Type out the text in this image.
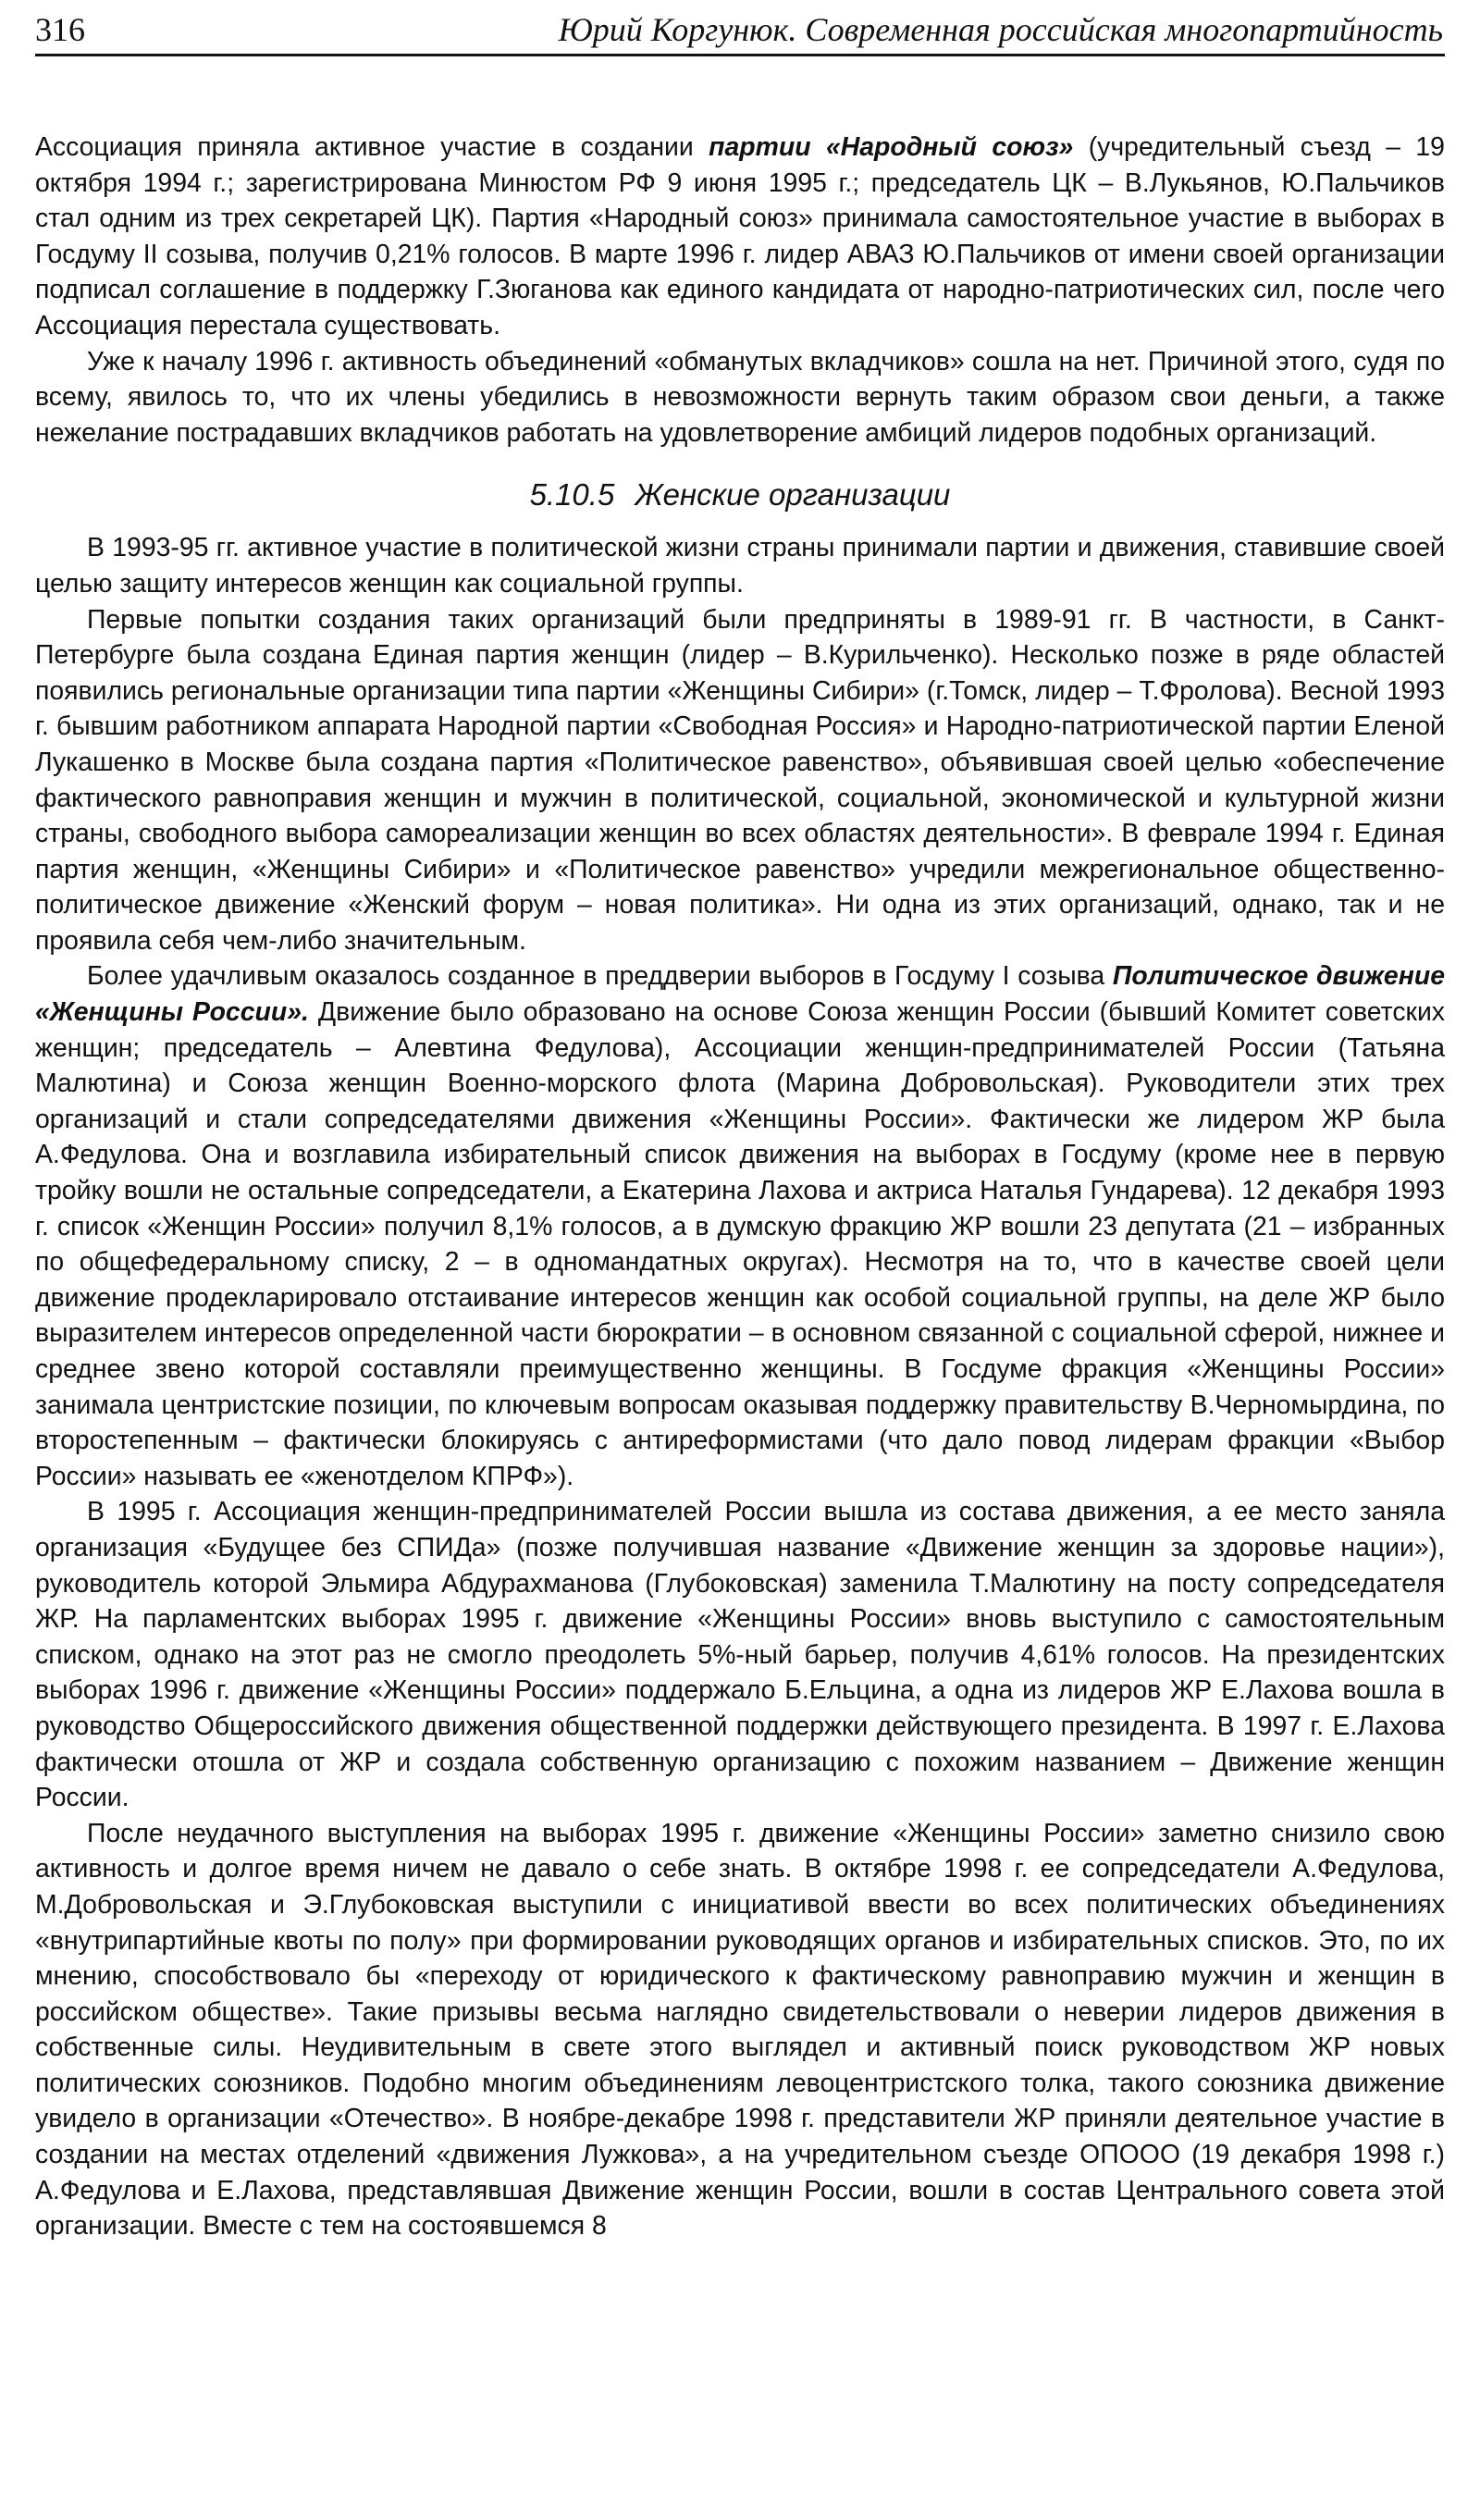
316	Юрий Коргунюк. Современная российская многопартийность

Ассоциация приняла активное участие в создании партии «Народный союз» (учредительный съезд – 19 октября 1994 г.; зарегистрирована Минюстом РФ 9 июня 1995 г.; председатель ЦК – В.Лукьянов, Ю.Пальчиков стал одним из трех секретарей ЦК). Партия «Народный союз» принимала самостоятельное участие в выборах в Госдуму II созыва, получив 0,21% голосов. В марте 1996 г. лидер АВАЗ Ю.Пальчиков от имени своей организации подписал соглашение в поддержку Г.Зюганова как единого кандидата от народно-патриотических сил, после чего Ассоциация перестала существовать.

Уже к началу 1996 г. активность объединений «обманутых вкладчиков» сошла на нет. Причиной этого, судя по всему, явилось то, что их члены убедились в невозможности вернуть таким образом свои деньги, а также нежелание пострадавших вкладчиков работать на удовлетворение амбиций лидеров подобных организаций.

5.10.5 Женские организации

В 1993-95 гг. активное участие в политической жизни страны принимали партии и движения, ставившие своей целью защиту интересов женщин как социальной группы.

Первые попытки создания таких организаций были предприняты в 1989-91 гг. В частности, в Санкт-Петербурге была создана Единая партия женщин (лидер – В.Курильченко). Несколько позже в ряде областей появились региональные организации типа партии «Женщины Сибири» (г.Томск, лидер – Т.Фролова). Весной 1993 г. бывшим работником аппарата Народной партии «Свободная Россия» и Народно-патриотической партии Еленой Лукашенко в Москве была создана партия «Политическое равенство», объявившая своей целью «обеспечение фактического равноправия женщин и мужчин в политической, социальной, экономической и культурной жизни страны, свободного выбора самореализации женщин во всех областях деятельности». В феврале 1994 г. Единая партия женщин, «Женщины Сибири» и «Политическое равенство» учредили межрегиональное общественно-политическое движение «Женский форум – новая политика». Ни одна из этих организаций, однако, так и не проявила себя чем-либо значительным.

Более удачливым оказалось созданное в преддверии выборов в Госдуму I созыва Политическое движение «Женщины России». Движение было образовано на основе Союза женщин России (бывший Комитет советских женщин; председатель – Алевтина Федулова), Ассоциации женщин-предпринимателей России (Татьяна Малютина) и Союза женщин Военно-морского флота (Марина Добровольская). Руководители этих трех организаций и стали сопредседателями движения «Женщины России». Фактически же лидером ЖР была А.Федулова. Она и возглавила избирательный список движения на выборах в Госдуму (кроме нее в первую тройку вошли не остальные сопредседатели, а Екатерина Лахова и актриса Наталья Гундарева). 12 декабря 1993 г. список «Женщин России» получил 8,1% голосов, а в думскую фракцию ЖР вошли 23 депутата (21 – избранных по общефедеральному списку, 2 – в одномандатных округах). Несмотря на то, что в качестве своей цели движение продекларировало отстаивание интересов женщин как особой социальной группы, на деле ЖР было выразителем интересов определенной части бюрократии – в основном связанной с социальной сферой, нижнее и среднее звено которой составляли преимущественно женщины. В Госдуме фракция «Женщины России» занимала центристские позиции, по ключевым вопросам оказывая поддержку правительству В.Черномырдина, по второстепенным – фактически блокируясь с антиреформистами (что дало повод лидерам фракции «Выбор России» называть ее «женотделом КПРФ»).

В 1995 г. Ассоциация женщин-предпринимателей России вышла из состава движения, а ее место заняла организация «Будущее без СПИДа» (позже получившая название «Движение женщин за здоровье нации»), руководитель которой Эльмира Абдурахманова (Глубоковская) заменила Т.Малютину на посту сопредседателя ЖР. На парламентских выборах 1995 г. движение «Женщины России» вновь выступило с самостоятельным списком, однако на этот раз не смогло преодолеть 5%-ный барьер, получив 4,61% голосов. На президентских выборах 1996 г. движение «Женщины России» поддержало Б.Ельцина, а одна из лидеров ЖР Е.Лахова вошла в руководство Общероссийского движения общественной поддержки действующего президента. В 1997 г. Е.Лахова фактически отошла от ЖР и создала собственную организацию с похожим названием – Движение женщин России.

После неудачного выступления на выборах 1995 г. движение «Женщины России» заметно снизило свою активность и долгое время ничем не давало о себе знать. В октябре 1998 г. ее сопредседатели А.Федулова, М.Добровольская и Э.Глубоковская выступили с инициативой ввести во всех политических объединениях «внутрипартийные квоты по полу» при формировании руководящих органов и избирательных списков. Это, по их мнению, способствовало бы «переходу от юридического к фактическому равноправию мужчин и женщин в российском обществе». Такие призывы весьма наглядно свидетельствовали о неверии лидеров движения в собственные силы. Неудивительным в свете этого выглядел и активный поиск руководством ЖР новых политических союзников. Подобно многим объединениям левоцентристского толка, такого союзника движение увидело в организации «Отечество». В ноябре-декабре 1998 г. представители ЖР приняли деятельное участие в создании на местах отделений «движения Лужкова», а на учредительном съезде ОПООО (19 декабря 1998 г.) А.Федулова и Е.Лахова, представлявшая Движение женщин России, вошли в состав Центрального совета этой организации. Вместе с тем на состоявшемся 8
